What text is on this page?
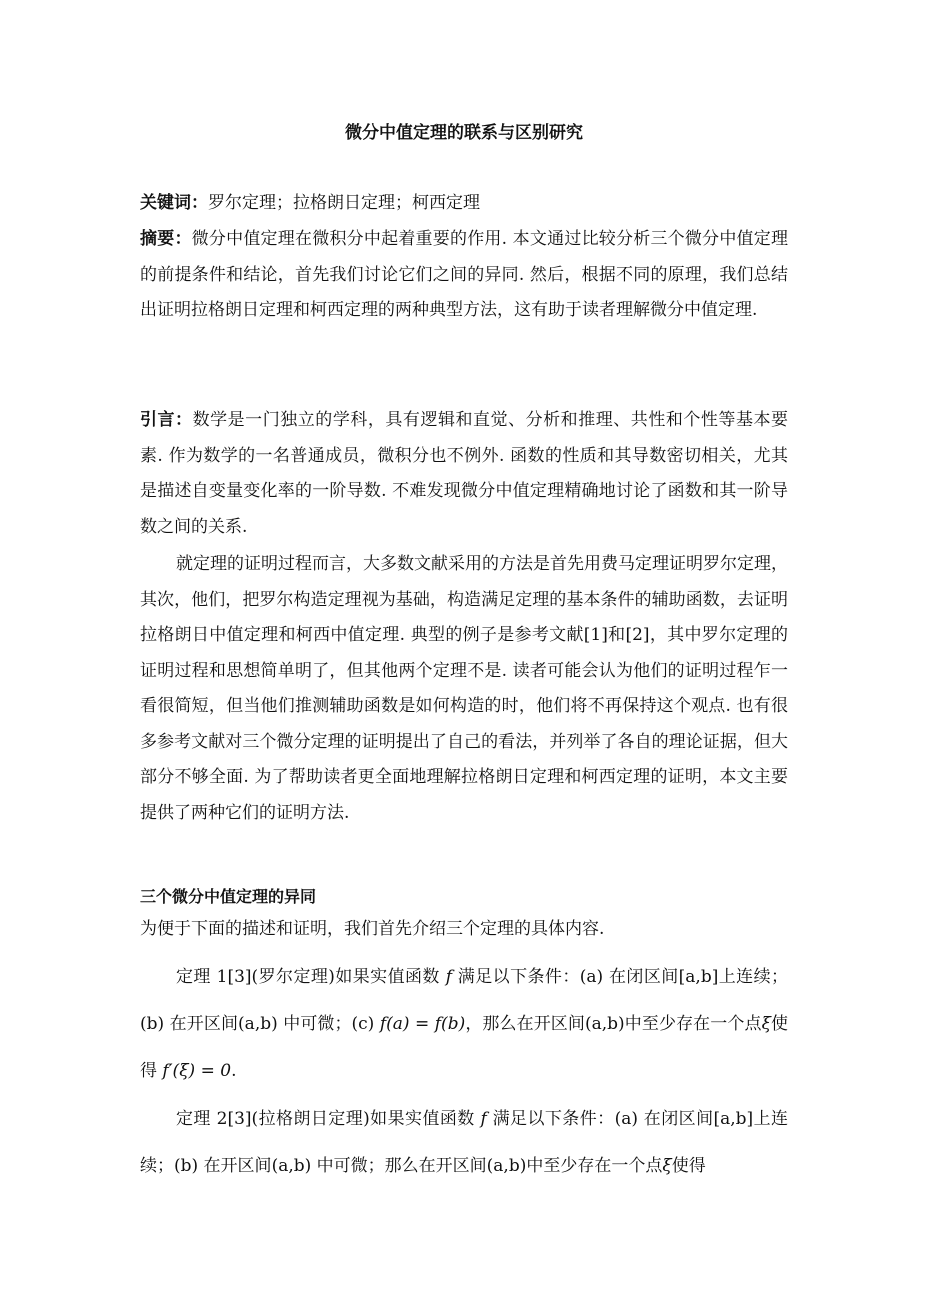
微分中值定理的联系与区别研究

关键词：罗尔定理；拉格朗日定理；柯西定理

摘要：微分中值定理在微积分中起着重要的作用. 本文通过比较分析三个微分中值定理的前提条件和结论，首先我们讨论它们之间的异同. 然后，根据不同的原理，我们总结出证明拉格朗日定理和柯西定理的两种典型方法，这有助于读者理解微分中值定理.

引言：数学是一门独立的学科，具有逻辑和直觉、分析和推理、共性和个性等基本要素. 作为数学的一名普通成员，微积分也不例外. 函数的性质和其导数密切相关，尤其是描述自变量变化率的一阶导数. 不难发现微分中值定理精确地讨论了函数和其一阶导数之间的关系.

就定理的证明过程而言，大多数文献采用的方法是首先用费马定理证明罗尔定理，其次，他们，把罗尔构造定理视为基础，构造满足定理的基本条件的辅助函数，去证明拉格朗日中值定理和柯西中值定理. 典型的例子是参考文献[1]和[2]，其中罗尔定理的证明过程和思想简单明了，但其他两个定理不是. 读者可能会认为他们的证明过程乍一看很简短，但当他们推测辅助函数是如何构造的时，他们将不再保持这个观点. 也有很多参考文献对三个微分定理的证明提出了自己的看法，并列举了各自的理论证据，但大部分不够全面. 为了帮助读者更全面地理解拉格朗日定理和柯西定理的证明，本文主要提供了两种它们的证明方法.

三个微分中值定理的异同

为便于下面的描述和证明，我们首先介绍三个定理的具体内容.

定理 1[3](罗尔定理)如果实值函数 f 满足以下条件：(a) 在闭区间[a,b]上连续；(b) 在开区间(a,b) 中可微；(c) f(a) = f(b)，那么在开区间(a,b)中至少存在一个点ξ使得 f′(ξ) = 0.

定理 2[3](拉格朗日定理)如果实值函数 f 满足以下条件：(a) 在闭区间[a,b]上连续；(b) 在开区间(a,b) 中可微；那么在开区间(a,b)中至少存在一个点ξ使得
